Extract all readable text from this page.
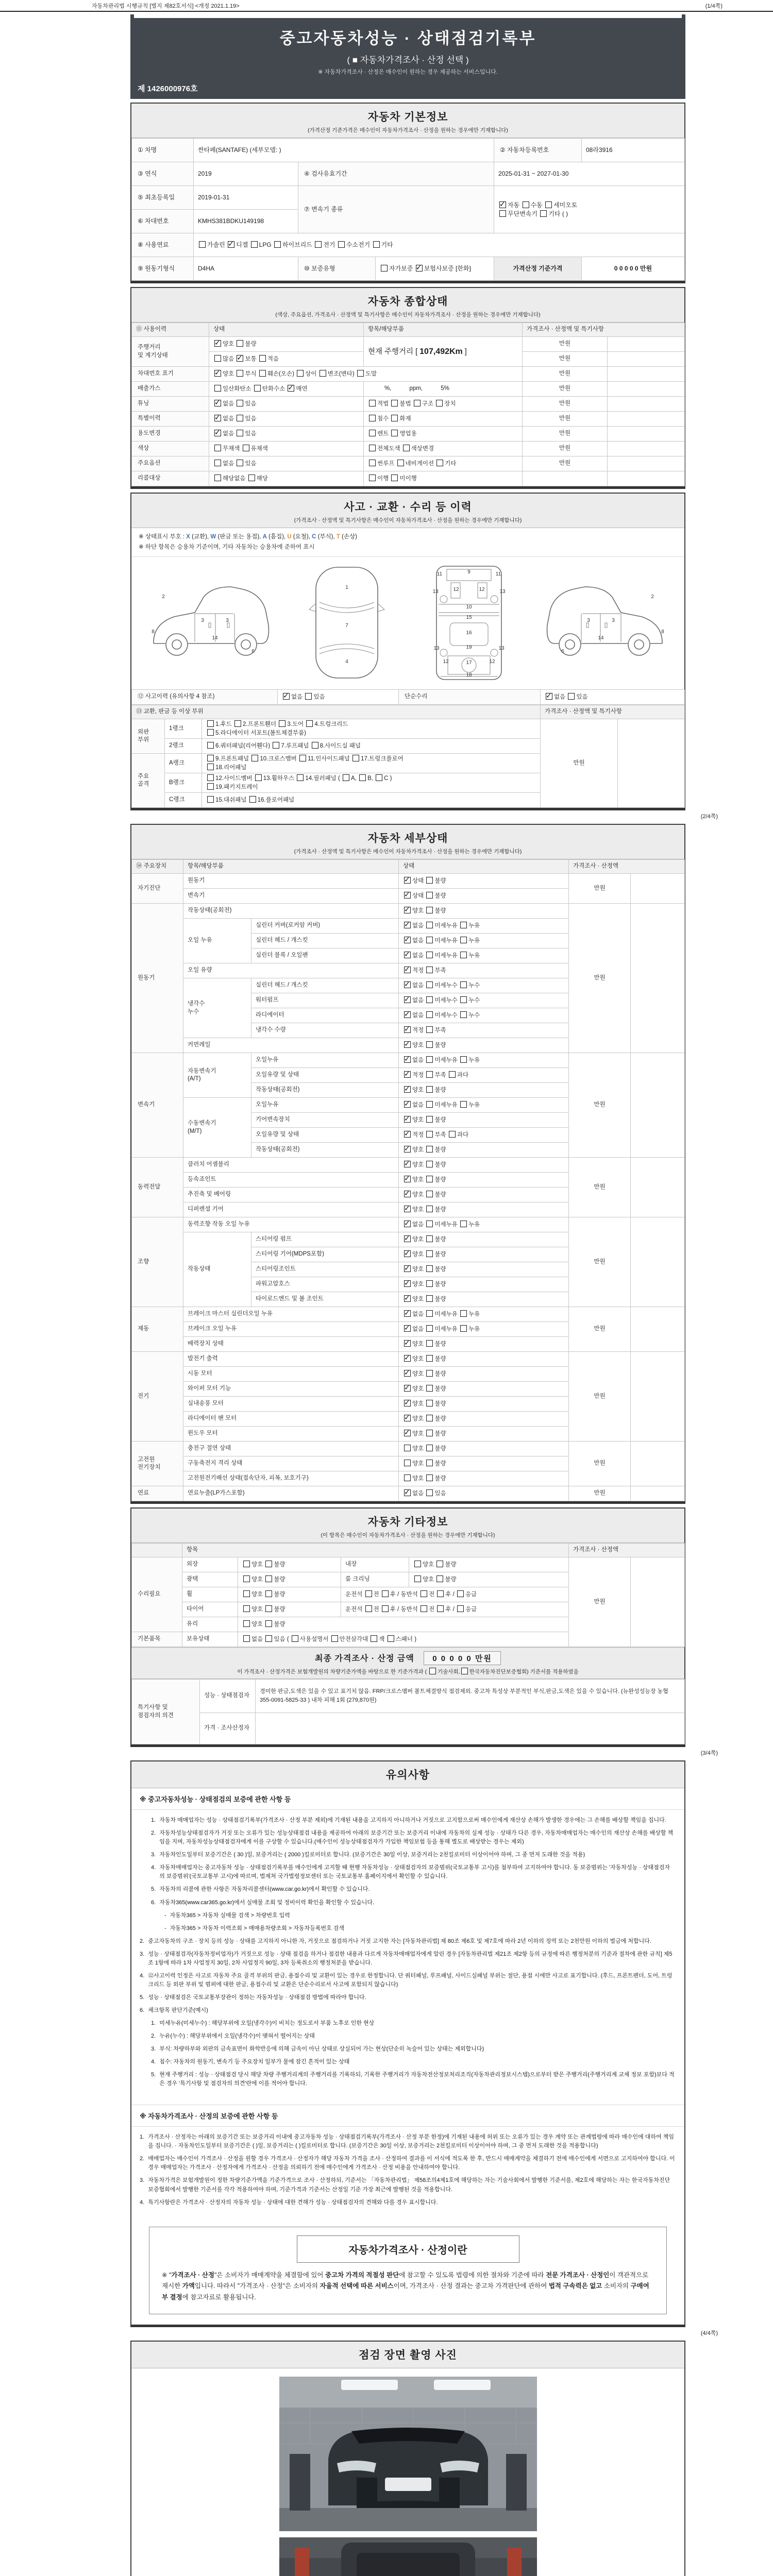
자동차관리법 시행규칙 [별지 제82호서식] <개정 2021.1.19>	(1/4쪽)
중고자동차성능 · 상태점검기록부
( ■ 자동차가격조사 · 산정 선택 )
※ 자동차가격조사 · 산정은 매수인이 원하는 경우 제공하는 서비스입니다.
제 1426000976호
자동차 기본정보
(가격산정 기준가격은 매수인이 자동차가격조사 · 산정을 원하는 경우에만 기재합니다)
① 차명	싼타페(SANTAFE) (세부모델: )			② 자동차등록번호	08라3916
③ 연식	2019	④ 검사유효기간		2025-01-31 ~ 2027-01-30	
⑤ 최초등록일	2019-01-31	⑦ 변속기 종류	✓자동 수동 세미오토
무단변속기 기타 ( )
⑥ 차대번호	KMHS381BDKU149198				
⑧ 사용연료	가솔린 ✓디젤 LPG 하이브리드 전기 수소전기 기타
⑨ 원동기형식	D4HA	⑩ 보증유형	자가보증 ✓보험사보증 [한화]	가격산정 기준가격	0 0 0 0 0 만원
자동차 종합상태
(색상, 주요옵션, 가격조사 · 산정액 및 특기사항은 매수인이 자동차가격조사 · 산정을 원하는 경우에만 기재합니다)
⑪ 사용이력	상태	항목/해당부품	가격조사 · 산정액 및 특기사항	
주행거리
및 계기상태	✓양호 불량	현재 주행거리 [ 107,492Km ]	만원	
	많음 ✓보통 적음		만원	
차대번호 표기	✓양호 부식 훼손(오손) 상이 변조(변타) 도말		만원	
배출가스	일산화탄소 탄화수소 ✓매연	%,           ppm,           5%	만원	
튜닝	✓없음 있음	적법 불법 구조 장치	만원	
특별이력	✓없음 있음	침수 화재	만원	
용도변경	✓없음 있음	렌트 영업용	만원	
색상	무채색 유채색	전체도색 색상변경	만원	
주요옵션	없음 있음	썬루프 네비게이션 기타	만원	
리콜대상	해당없음 해당	이행 미이행		
사고 · 교환 · 수리 등 이력
(가격조사 · 산정액 및 특기사항은 매수인이 자동차가격조사 · 산정을 원하는 경우에만 기재합니다)
※ 상태표시 부호 : X (교환), W (판금 또는 용접), A (흠집), U (요철), C (부식), T (손상)
※ 하단 항목은 승용차 기준이며, 기타 자동차는 승용차에 준하여 표시
2
8
3	3
14
6
1
7
4
11	9	11
13	12	12	13
10
15
16
13	19	13
12	17	12
18
2
8
3
3
14
6
⑫ 사고이력 (유의사항 4 참조)	✓없음 있음	단순수리	✓없음 있음
⑬ 교환, 판금 등 이상 부위			가격조사 · 산정액 및 특기사항	
외판
부위	1랭크	1.후드 2.프론트휀더 3.도어 4.트렁크리드
5.라디에이터 서포트(볼트체결부품)	만원	
	2랭크	6.쿼터패널(리어휀다) 7.루프패널 8.사이드실 패널		
주요
골격	A랭크	9.프론트패널 10.크로스멤버 11.인사이드패널 17.트렁크플로어
18.리어패널		
	B랭크	12.사이드멤버 13.휠하우스 14.필러패널 ( A, B, C )
19.패키지트레이		
	C랭크	15.대쉬패널 16.플로어패널		
(2/4쪽)
자동차 세부상태
(가격조사 · 산정액 및 특기사항은 매수인이 자동차가격조사 · 산정을 원하는 경우에만 기재합니다)
⑭ 주요장치	항목/해당부품		상태	가격조사 · 산정액	
자기진단	원동기	✓상태 불량	만원	
	변속기	✓상태 불량
원동기	작동상태(공회전)	✓양호 불량	만원	
	오일 누유	실린더 커버(로커암 커버)	✓없음 미세누유 누유
		실린더 헤드 / 개스킷	✓없음 미세누유 누유
		실린더 블록 / 오일팬	✓없음 미세누유 누유
	오일 유량	✓적정 부족
	냉각수
누수	실린더 헤드 / 개스킷	✓없음 미세누수 누수
		워터펌프	✓없음 미세누수 누수
		라디에이터	✓없음 미세누수 누수
		냉각수 수량	✓적정 부족
	커먼레일	✓양호 불량
변속기	자동변속기
(A/T)	오일누유	✓없음 미세누유 누유	만원	
		오일유량 및 상태	✓적정 부족 과다
		작동상태(공회전)	✓양호 불량
	수동변속기
(M/T)	오일누유	✓없음 미세누유 누유
		기어변속장치	✓양호 불량
		오일유량 및 상태	✓적정 부족 과다
		작동상태(공회전)	✓양호 불량
동력전달	클러치 어셈블리	✓양호 불량	만원	
	등속죠인트	✓양호 불량
	추진축 및 베어링	✓양호 불량
	디퍼렌셜 기어	✓양호 불량
조향	동력조향 작동 오일 누유	✓없음 미세누유 누유	만원	
	작동상태	스티어링 펌프	✓양호 불량
		스티어링 기어(MDPS포함)	✓양호 불량
		스티어링조인트	✓양호 불량
		파워고압호스	✓양호 불량
		타이로드엔드 및 볼 조인트	✓양호 불량
제동	브레이크 마스터 실린더오일 누유	✓없음 미세누유 누유	만원	
	브레이크 오일 누유	✓없음 미세누유 누유
	배력장치 상태	✓양호 불량
전기	발전기 출력	✓양호 불량	만원	
	시동 모터	✓양호 불량
	와이퍼 모터 기능	✓양호 불량
	실내송풍 모터	✓양호 불량
	라디에이터 팬 모터	✓양호 불량
	윈도우 모터	✓양호 불량
고전원
전기장치	충전구 절연 상태		양호 불량	만원	
	구동축전지 격리 상태		양호 불량		
	고전원전기배선 상태(접속단자, 피복, 보호기구)		양호 불량		
연료	연료누출(LP가스포함)	✓없음 있음	만원	
자동차 기타정보
(이 항목은 매수인이 자동차가격조사 · 산정을 원하는 경우에만 기재합니다)
	항목				가격조사 · 산정액	
수리필요	외장	양호 불량	내장	양호 불량	만원	
	광택	양호 불량	룸 크리닝	양호 불량		
	휠	양호 불량	운전석 전 후 / 동반석 전 후 / 응급			
	타이어	양호 불량	운전석 전 후 / 동반석 전 후 / 응급			
	유리	양호 불량				
기본품목	보유상태	없음 있음 ( 사용설명서 안전삼각대 잭 스패너 )				
최종 가격조사 · 산정 금액 0 0 0 0 0 만원
이 가격조사 · 산정가격은 보험개발원의 차량기준가액을 바탕으로 한 기준가격과 ( 기술사회, 한국자동차진단보증협회) 기준서를 적용하였음
특기사항 및
점검자의 의견	성능 · 상태점검자	경미한 판금,도색은 있을 수 있고 표기치 않음. FRP/크로스멤버 볼트체결방식 점검제외. 중고차 특성상 부분적인 부식,판금,도색은 있을 수 있습니다. (뉴완성성능장 농협 355-0091-5825-33 ) 내차 피해 1회 (279,870원)
	가격 · 조사산정자	
(3/4쪽)
유의사항
※ 중고자동차성능 · 상태점검의 보증에 관한 사항 등
1. 자동차 매매업자는 성능 · 상태점검기록부(가격조사 · 산정 부분 제외)에 기재된 내용을 고지하지 아니하거나 거짓으로 고지함으로써 매수인에게 재산상 손해가 발생한 경우에는 그 손해를 배상할 책임을 집니다.
2. 자동차성능상태점검자가 거짓 또는 오류가 있는 성능상태점검 내용을 제공하여 아래의 보증기간 또는 보증거리 이내에 자동차의 실제 성능 · 상태가 다른 경우, 자동차매매업자는 매수인의 재산상 손해를 배상할 책임을 지며, 자동차성능상태점검자에게 이를 구상할 수 있습니다.(매수인이 성능상태점검자가 가입한 책임보험 등을 통해 별도로 배상받는 경우는 제외)
3. 자동차인도일부터 보증기간은 ( 30 )일, 보증거리는 ( 2000 )킬로미터로 합니다. (보증기간은 30일 이상, 보증거리는 2천킬로미터 이상이어야 하며, 그 중 먼저 도래한 것을 적용)
4. 자동차매매업자는 중고자동차 성능 · 상태점검기록부를 매수인에게 고지할 때 현행 자동차성능 · 상태점검자의 보증범위(국토교통부 고시)를 첨부하여 고지하여야 합니다. 동 보증범위는 '자동차성능 · 상태점검자의 보증범위'(국토교통부 고시)에 따르며, 법제처 국가법령정보센터 또는 국토교통부 홈페이지에서 확인할 수 있습니다.
5. 자동차의 리콜에 관한 사항은 자동차리콜센터(www.car.go.kr)에서 확인할 수 있습니다.
6. 자동차365(www.car365.go.kr)에서 실매물 조회 및 정비이력 확인을 확인할 수 있습니다.
- 자동차365 > 자동차 실매물 검색 > 차량번호 입력
- 자동차365 > 자동차 이력조회 > 매매용차량조회 > 자동차등록번호 검색
2. 중고자동차의 구조 · 장치 등의 성능 · 상태를 고지하지 아니한 자, 거짓으로 점검하거나 거짓 고지한 자는 [자동차관리법] 제 80조 제6호 및 제7호에 따라 2년 이하의 징역 또는 2천만원 이하의 벌금에 처합니다.
3. 성능 · 상태점검자(자동차정비업자)가 거짓으로 성능 · 상태 점검을 하거나 점검한 내용과 다르게 자동차매매업자에게 알린 경우 [자동차관리법 제21조 제2항 등의 규정에 따른 행정처분의 기준과 절차에 관한 규칙] 제5조 1항에 따라 1차 사업정지 30일, 2차 사업정지 90일, 3차 등록취소의 행정처분을 받습니다.
4. ⑫사고이력 인정은 사고로 자동차 주요 골격 부위의 판금, 용접수리 및 교환이 있는 경우로 한정합니다. 단 쿼터패널, 루프패널, 사이드실패널 부위는 절단, 용접 시에만 사고로 표기합니다. (후드, 프론트펜더, 도어, 트렁크리드 등 외판 부위 및 범퍼에 대한 판금, 용접수리 및 교환은 단순수리로서 사고에 포함되지 않습니다)
5. 성능 · 상태점검은 국토교통부장관이 정하는 자동차성능 · 상태점검 방법에 따라야 합니다.
6. 체크항목 판단기준(예시)
1. 미세누유(미세누수) : 해당부위에 오일(냉각수)이 비치는 정도로서 부품 노후로 인한 현상
2. 누유(누수) : 해당부위에서 오일(냉각수)이 맺혀서 떨어지는 상태
3. 부식: 차량하부와 외판의 금속표면이 화학반응에 의해 금속이 아닌 상태로 상실되어 가는 현상(단순히 녹슬어 있는 상태는 제외합니다)
4. 침수: 자동차의 원동기, 변속기 등 주요장치 일부가 물에 잠긴 흔적이 있는 상태
5. 현재 주행거리 : 성능 · 상태점검 당시 해당 차량 주행거리계의 주행거리를 기록하되, 기록한 주행거리가 자동차전산정보처리조직(자동차관리정보시스템)으로부터 받은 주행거리(주행거리계 교체 정보 포함)보다 적은 경우 '특기사항 및 점검자의 의견'란에 이를 적어야 합니다.
※ 자동차가격조사 · 산정의 보증에 관한 사항 등
1. 가격조사 · 산정자는 아래의 보증기간 또는 보증거리 이내에 중고자동차 성능 · 상태점검기록부(가격조사 · 산정 부분 한정)에 기재된 내용에 허위 또는 오류가 있는 경우 계약 또는 관계법령에 따라 매수인에 대하여 책임을 집니다. · 자동차인도일부터 보증기간은 ( )일, 보증거리는 ( )킬로미터로 합니다. (보증기간은 30일 이상, 보증거리는 2천킬로미터 이상이어야 하며, 그 중 먼저 도래한 것을 적용합니다)
2. 매매업자는 매수인이 가격조사 · 산정을 원할 경우 가격조사 · 산정자가 해당 자동차 가격을 조사 · 산정하여 결과를 이 서식에 적도록 한 후, 반드시 매매계약을 체결하기 전에 매수인에게 서면으로 고지하여야 합니다. 이 경우 매매업자는 가격조사 · 산정자에게 가격조사 · 산정을 의뢰하기 전에 매수인에게 가격조사 · 산정 비용을 안내하여야 합니다.
3. 자동차가격은 보험개발원이 정한 차량기준가액을 기준가격으로 조사 · 산정하되, 기준서는 「자동차관리법」 제58조의4제1호에 해당하는 자는 기술사회에서 발행한 기준서를, 제2호에 해당하는 자는 한국자동차진단보증협회에서 발행한 기준서를 각각 적용하여야 하며, 기준가격과 기준서는 산정일 기준 가장 최근에 발행된 것을 적용합니다.
4. 특기사항란은 가격조사 · 산정자의 자동차 성능 · 상태에 대한 견해가 성능 · 상태점검자의 견해와 다를 경우 표시합니다.
자동차가격조사 · 산정이란
※ "가격조사 · 산정"은 소비자가 매매계약을 체결함에 있어 중고차 가격의 적절성 판단에 참고할 수 있도록 법령에 의한 절차와 기준에 따라 전문 가격조사 · 산정인이 객관적으로 제시한 가액입니다. 따라서 "가격조사 · 산정"은 소비자의 자율적 선택에 따른 서비스이며, 가격조사 · 산정 결과는 중고차 가격판단에 관하여 법적 구속력은 없고 소비자의 구매여부 결정에 참고자료로 활용됩니다.
(4/4쪽)
점검 장면 촬영 사진
